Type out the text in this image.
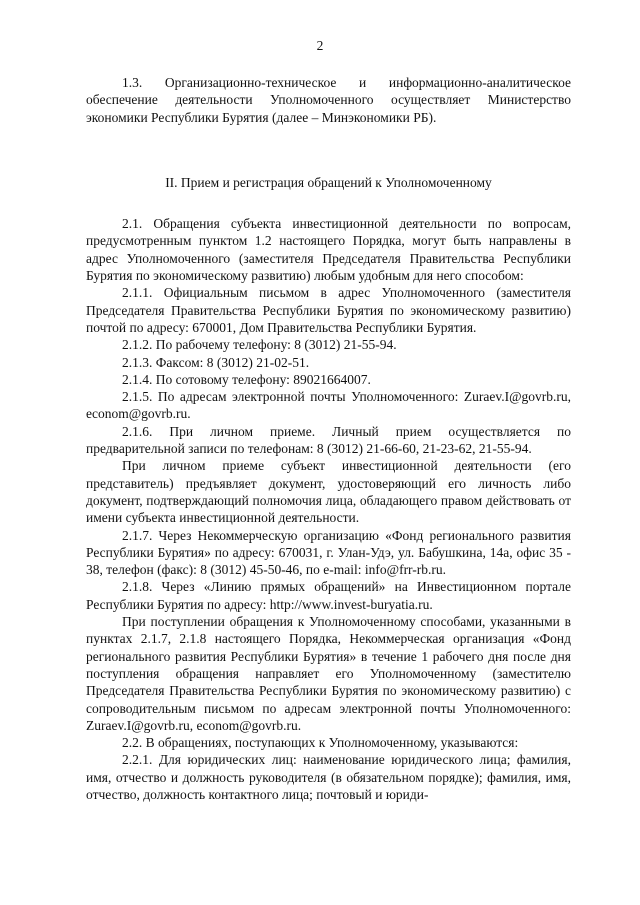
2

1.3. Организационно-техническое и информационно-аналитическое обеспечение деятельности Уполномоченного осуществляет Министерство экономики Республики Бурятия (далее – Минэкономики РБ).

II. Прием и регистрация обращений к Уполномоченному

2.1. Обращения субъекта инвестиционной деятельности по вопросам, предусмотренным пунктом 1.2 настоящего Порядка, могут быть направлены в адрес Уполномоченного (заместителя Председателя Правительства Республики Бурятия по экономическому развитию) любым удобным для него способом:

2.1.1. Официальным письмом в адрес Уполномоченного (заместителя Председателя Правительства Республики Бурятия по экономическому развитию) почтой по адресу: 670001, Дом Правительства Республики Бурятия.

2.1.2. По рабочему телефону: 8 (3012) 21-55-94.

2.1.3. Факсом: 8 (3012) 21-02-51.

2.1.4. По сотовому телефону: 89021664007.

2.1.5. По адресам электронной почты Уполномоченного: Zuraev.I@govrb.ru, econom@govrb.ru.

2.1.6. При личном приеме. Личный прием осуществляется по предварительной записи по телефонам: 8 (3012) 21-66-60, 21-23-62, 21-55-94.

При личном приеме субъект инвестиционной деятельности (его представитель) предъявляет документ, удостоверяющий его личность либо документ, подтверждающий полномочия лица, обладающего правом действовать от имени субъекта инвестиционной деятельности.

2.1.7. Через Некоммерческую организацию «Фонд регионального развития Республики Бурятия» по адресу: 670031, г. Улан-Удэ, ул. Бабушкина, 14а, офис 35 - 38, телефон (факс): 8 (3012) 45-50-46, по e-mail: info@frr-rb.ru.

2.1.8. Через «Линию прямых обращений» на Инвестиционном портале Республики Бурятия по адресу: http://www.invest-buryatia.ru.

При поступлении обращения к Уполномоченному способами, указанными в пунктах 2.1.7, 2.1.8 настоящего Порядка, Некоммерческая организация «Фонд регионального развития Республики Бурятия» в течение 1 рабочего дня после дня поступления обращения направляет его Уполномоченному (заместителю Председателя Правительства Республики Бурятия по экономическому развитию) с сопроводительным письмом по адресам электронной почты Уполномоченного: Zuraev.I@govrb.ru, econom@govrb.ru.

2.2. В обращениях, поступающих к Уполномоченному, указываются:

2.2.1. Для юридических лиц: наименование юридического лица; фамилия, имя, отчество и должность руководителя (в обязательном порядке); фамилия, имя, отчество, должность контактного лица; почтовый и юриди-
